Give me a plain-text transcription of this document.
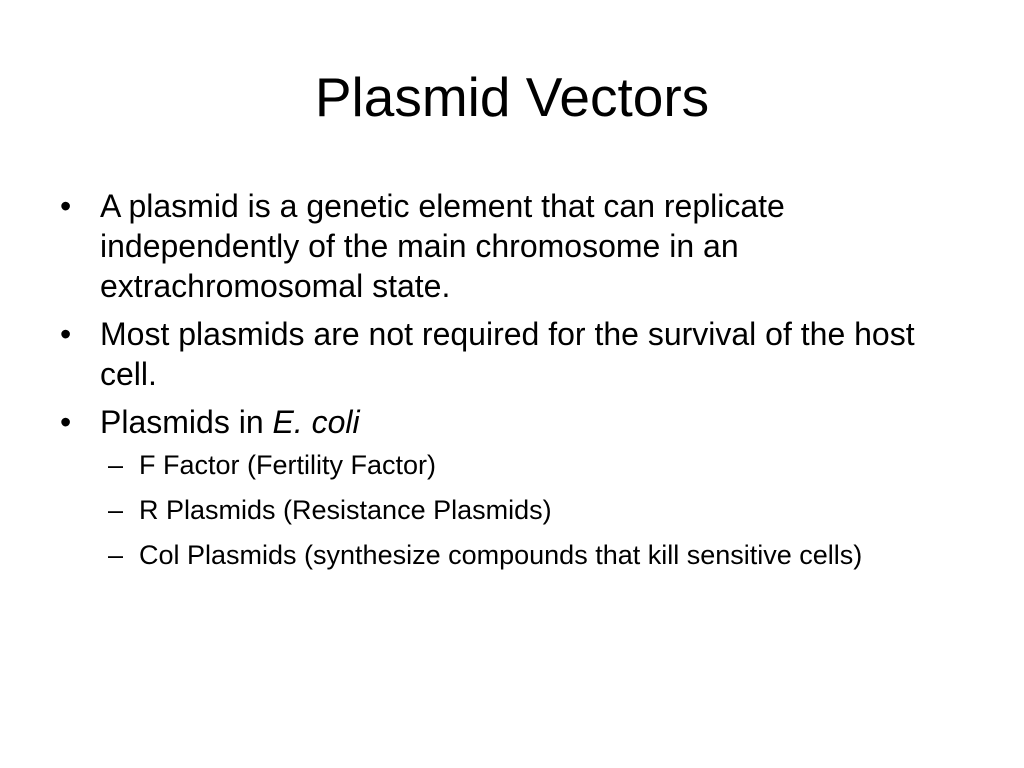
Plasmid Vectors
• A plasmid is a genetic element that can replicate independently of the main chromosome in an extrachromosomal state.
• Most plasmids are not required for the survival of the host cell.
• Plasmids in E. coli
– F Factor (Fertility Factor)
– R Plasmids (Resistance Plasmids)
– Col Plasmids (synthesize compounds that kill sensitive cells)
